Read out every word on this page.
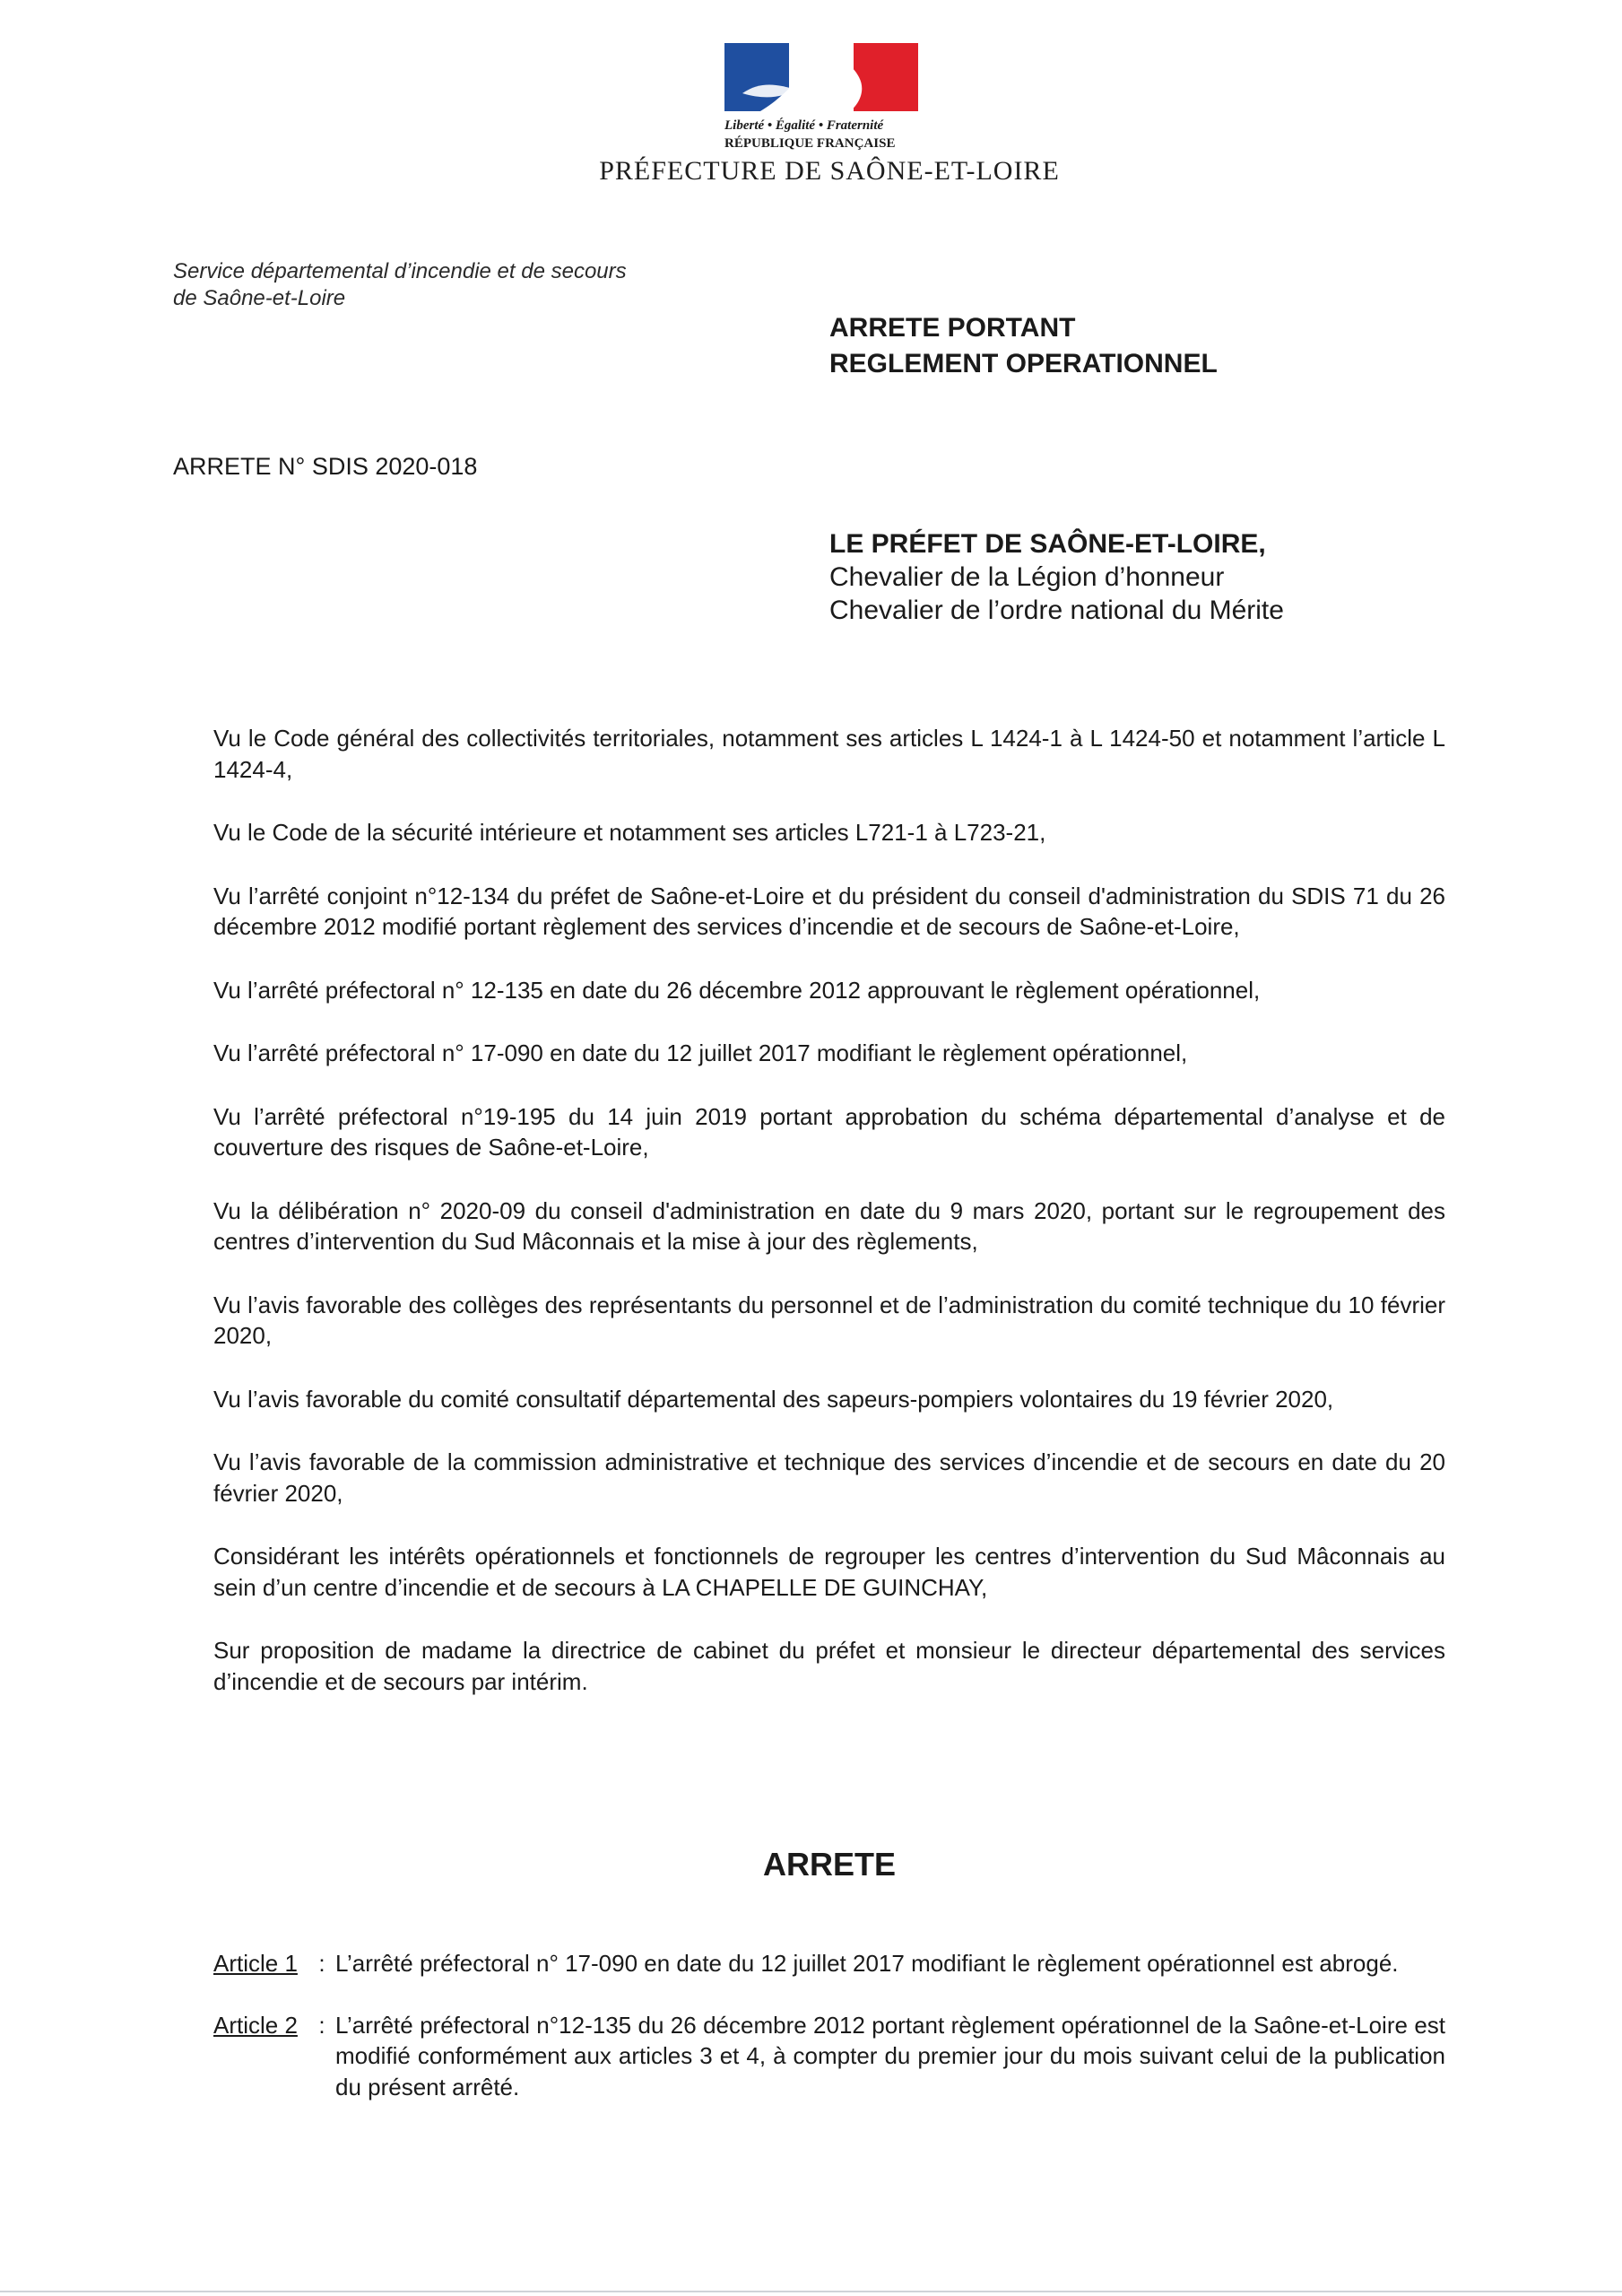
Liberté • Égalité • Fraternité
RÉPUBLIQUE FRANÇAISE
PRÉFECTURE DE SAÔNE-ET-LOIRE
Service départemental d’incendie et de secours
de Saône-et-Loire
ARRETE PORTANT
REGLEMENT OPERATIONNEL
ARRETE N° SDIS 2020-018
LE PRÉFET DE SAÔNE-ET-LOIRE,
Chevalier de la Légion d’honneur
Chevalier de l’ordre national du Mérite

Vu le Code général des collectivités territoriales, notamment ses articles L 1424-1 à L 1424-50 et notamment l’article L 1424-4,

Vu le Code de la sécurité intérieure et notamment ses articles L721-1 à L723-21,

Vu l’arrêté conjoint n°12-134 du préfet de Saône-et-Loire et du président du conseil d'administration du SDIS 71 du 26 décembre 2012 modifié portant règlement des services d’incendie et de secours de Saône-et-Loire,

Vu l’arrêté préfectoral n° 12-135 en date du 26 décembre 2012 approuvant le règlement opérationnel,

Vu l’arrêté préfectoral n° 17-090 en date du 12 juillet 2017 modifiant le règlement opérationnel,

Vu l’arrêté préfectoral n°19-195 du 14 juin 2019 portant approbation du schéma départemental d’analyse et de couverture des risques de Saône-et-Loire,

Vu la délibération n° 2020-09 du conseil d'administration en date du 9 mars 2020, portant sur le regroupement des centres d’intervention du Sud Mâconnais et la mise à jour des règlements,

Vu l’avis favorable des collèges des représentants du personnel et de l’administration du comité technique du 10 février 2020,

Vu l’avis favorable du comité consultatif départemental des sapeurs-pompiers volontaires du 19 février 2020,

Vu l’avis favorable de la commission administrative et technique des services d’incendie et de secours en date du 20 février 2020,

Considérant les intérêts opérationnels et fonctionnels de regrouper les centres d’intervention du Sud Mâconnais au sein d’un centre d’incendie et de secours à LA CHAPELLE DE GUINCHAY,

Sur proposition de madame la directrice de cabinet du préfet et monsieur le directeur départemental des services d’incendie et de secours par intérim.

ARRETE
Article 1 : L’arrêté préfectoral n° 17-090 en date du 12 juillet 2017 modifiant le règlement opérationnel est abrogé.
Article 2 : L’arrêté préfectoral n°12-135 du 26 décembre 2012 portant règlement opérationnel de la Saône-et-Loire est modifié conformément aux articles 3 et 4, à compter du premier jour du mois suivant celui de la publication du présent arrêté.
